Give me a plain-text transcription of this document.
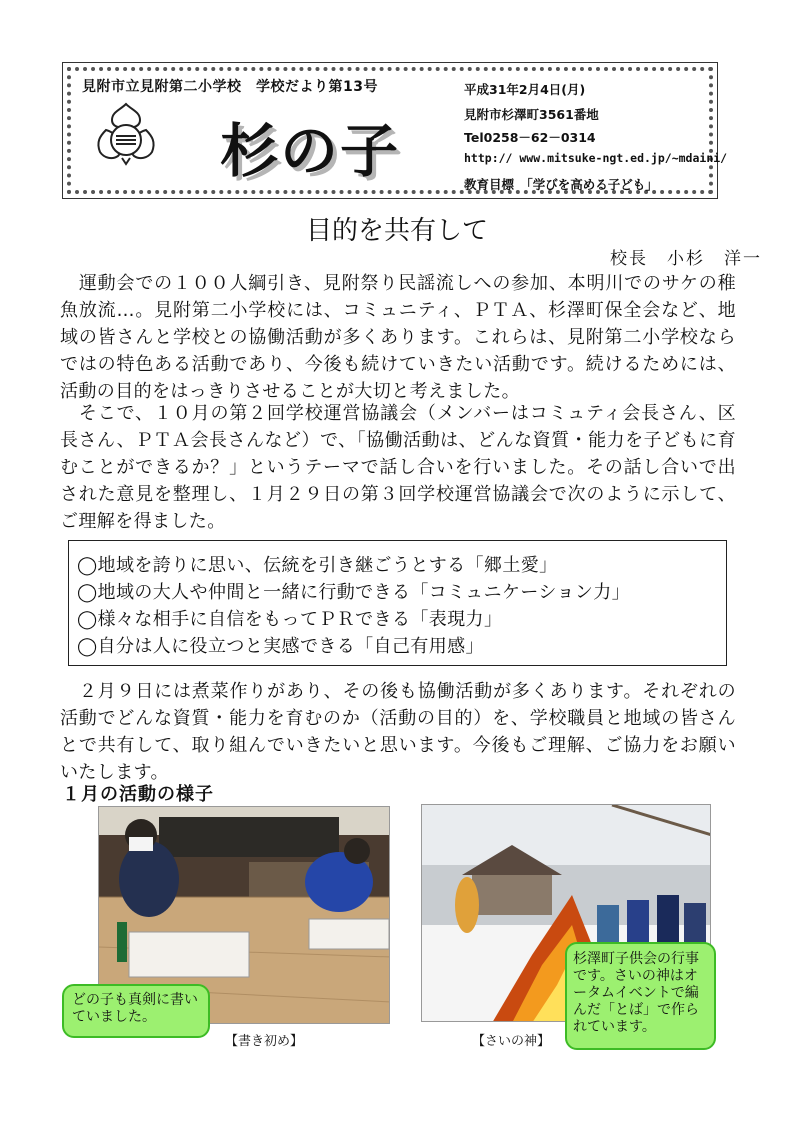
見附市立見附第二小学校　学校だより第13号
杉の子
平成31年2月4日(月)
見附市杉澤町3561番地
Tel0258－62－0314
http:// www.mitsuke-ngt.ed.jp/~mdaini/
教育目標　「学びを高める子ども」
目的を共有して
校長　小杉　洋一

　運動会での１００人綱引き、見附祭り民謡流しへの参加、本明川でのサケの稚魚放流…。見附第二小学校には、コミュニティ、ＰＴＡ、杉澤町保全会など、地域の皆さんと学校との協働活動が多くあります。これらは、見附第二小学校ならではの特色ある活動であり、今後も続けていきたい活動です。続けるためには、活動の目的をはっきりさせることが大切と考えました。

　そこで、１０月の第２回学校運営協議会（メンバーはコミュティ会長さん、区長さん、ＰＴＡ会長さんなど）で、「協働活動は、どんな資質・能力を子どもに育むことができるか？」というテーマで話し合いを行いました。その話し合いで出された意見を整理し、１月２９日の第３回学校運営協議会で次のように示して、ご理解を得ました。

◯地域を誇りに思い、伝統を引き継ごうとする「郷土愛」
◯地域の大人や仲間と一緒に行動できる「コミュニケーション力」
◯様々な相手に自信をもってＰＲできる「表現力」
◯自分は人に役立つと実感できる「自己有用感」

　２月９日には煮菜作りがあり、その後も協働活動が多くあります。それぞれの活動でどんな資質・能力を育むのか（活動の目的）を、学校職員と地域の皆さんとで共有して、取り組んでいきたいと思います。今後もご理解、ご協力をお願いいたします。

１月の活動の様子
どの子も真剣に書いていました。
【書き初め】
杉澤町子供会の行事です。さいの神はオータムイベントで編んだ「とば」で作られています。
【さいの神】
